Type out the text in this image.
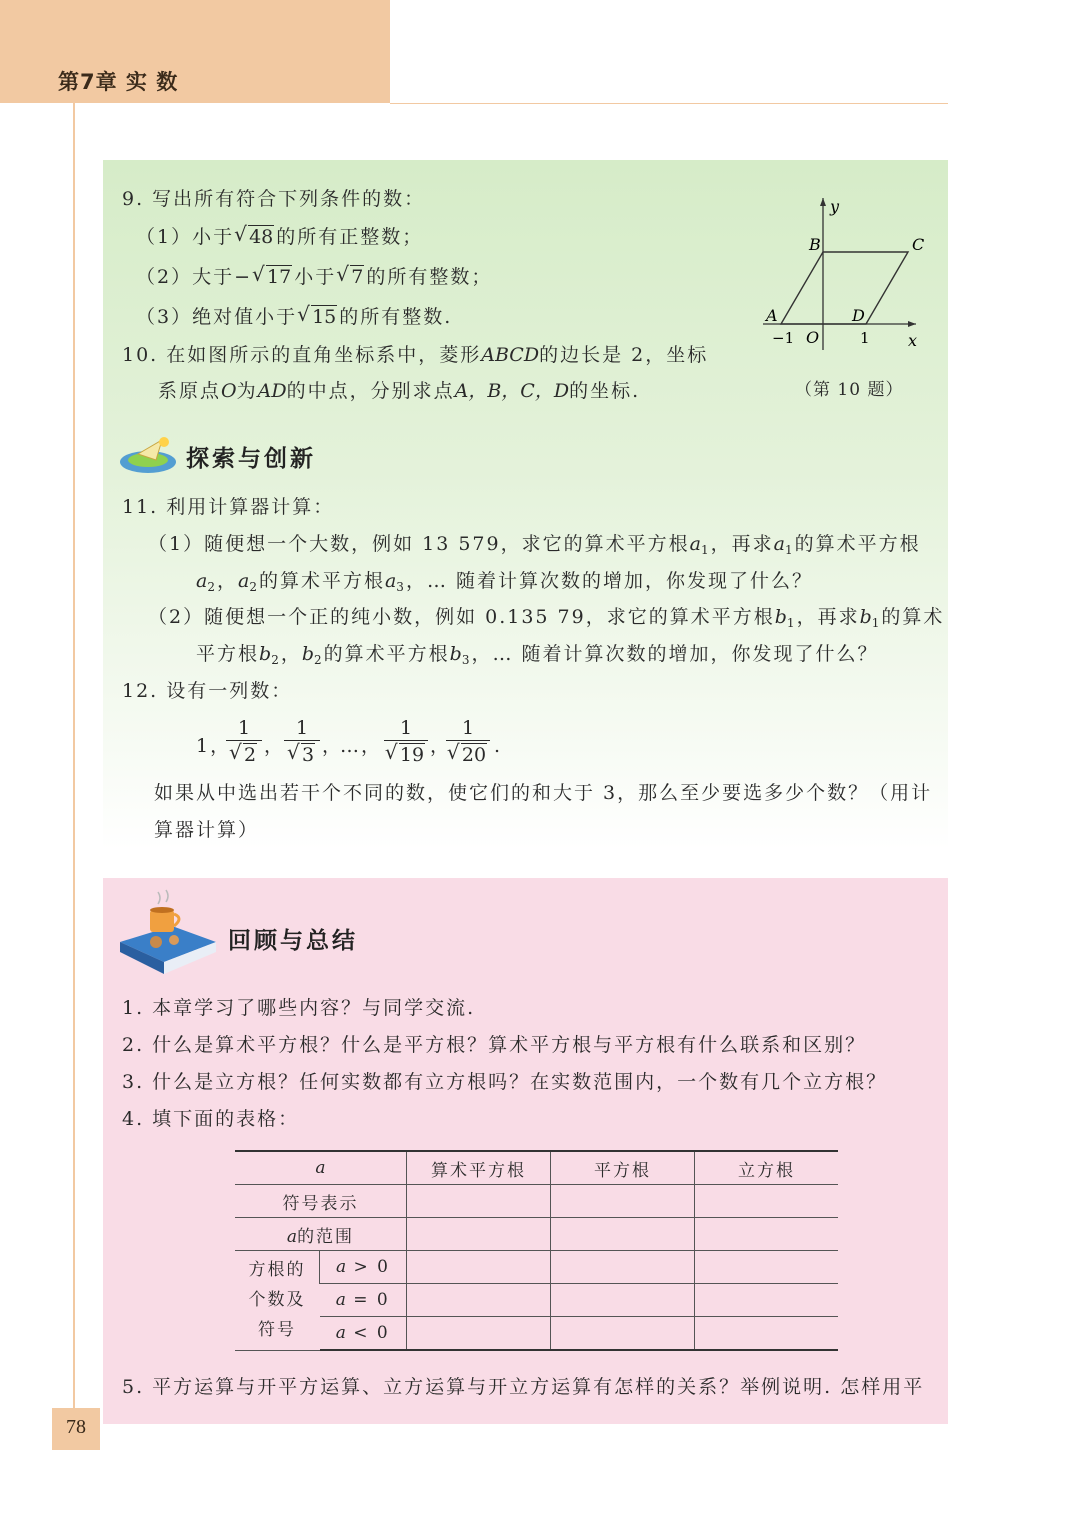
第7章 实 数
78
9. 写出所有符合下列条件的数：
（1）小于 √ 48 的所有正整数；
（2）大于− √ 17 小于 √ 7 的所有整数；
（3）绝对值小于 √ 15 的所有整数.
10. 在如图所示的直角坐标系中，菱形ABCD的边长是 2，坐标
系原点O为AD的中点，分别求点A，B，C，D的坐标.
y
x
B	C
A	D
O
−1	1
（第 10 题）
探索与创新
11. 利用计算器计算：
（1）随便想一个大数，例如 13 579，求它的算术平方根$a_1$，再求$a_1$的算术平方根
$a_2$，$a_2$的算术平方根$a_3$，… 随着计算次数的增加，你发现了什么？
（2）随便想一个正的纯小数，例如 0.135 79，求它的算术平方根$b_1$，再求$b_1$的算术
平方根$b_2$，$b_2$的算术平方根$b_3$，… 随着计算次数的增加，你发现了什么？
12. 设有一列数：
1，
$\frac{1}{√ 2}$ ，
$\frac{1}{√ 3}$ ，
…， $\frac{1}{√ 19}$ ，
$\frac{1}{√ 20}$ .
如果从中选出若干个不同的数，使它们的和大于 3，那么至少要选多少个数？（用计
算器计算）
回顾与总结
1. 本章学习了哪些内容？与同学交流.
2. 什么是算术平方根？什么是平方根？算术平方根与平方根有什么联系和区别？
3. 什么是立方根？任何实数都有立方根吗？在实数范围内，一个数有几个立方根？
4. 填下面的表格：
a		算术平方根	平方根	立方根
符号表示				
a的范围				

方根的
个数及
符号	a > 0			
	a = 0			
	a < 0			
5. 平方运算与开平方运算、立方运算与开立方运算有怎样的关系？举例说明. 怎样用平
